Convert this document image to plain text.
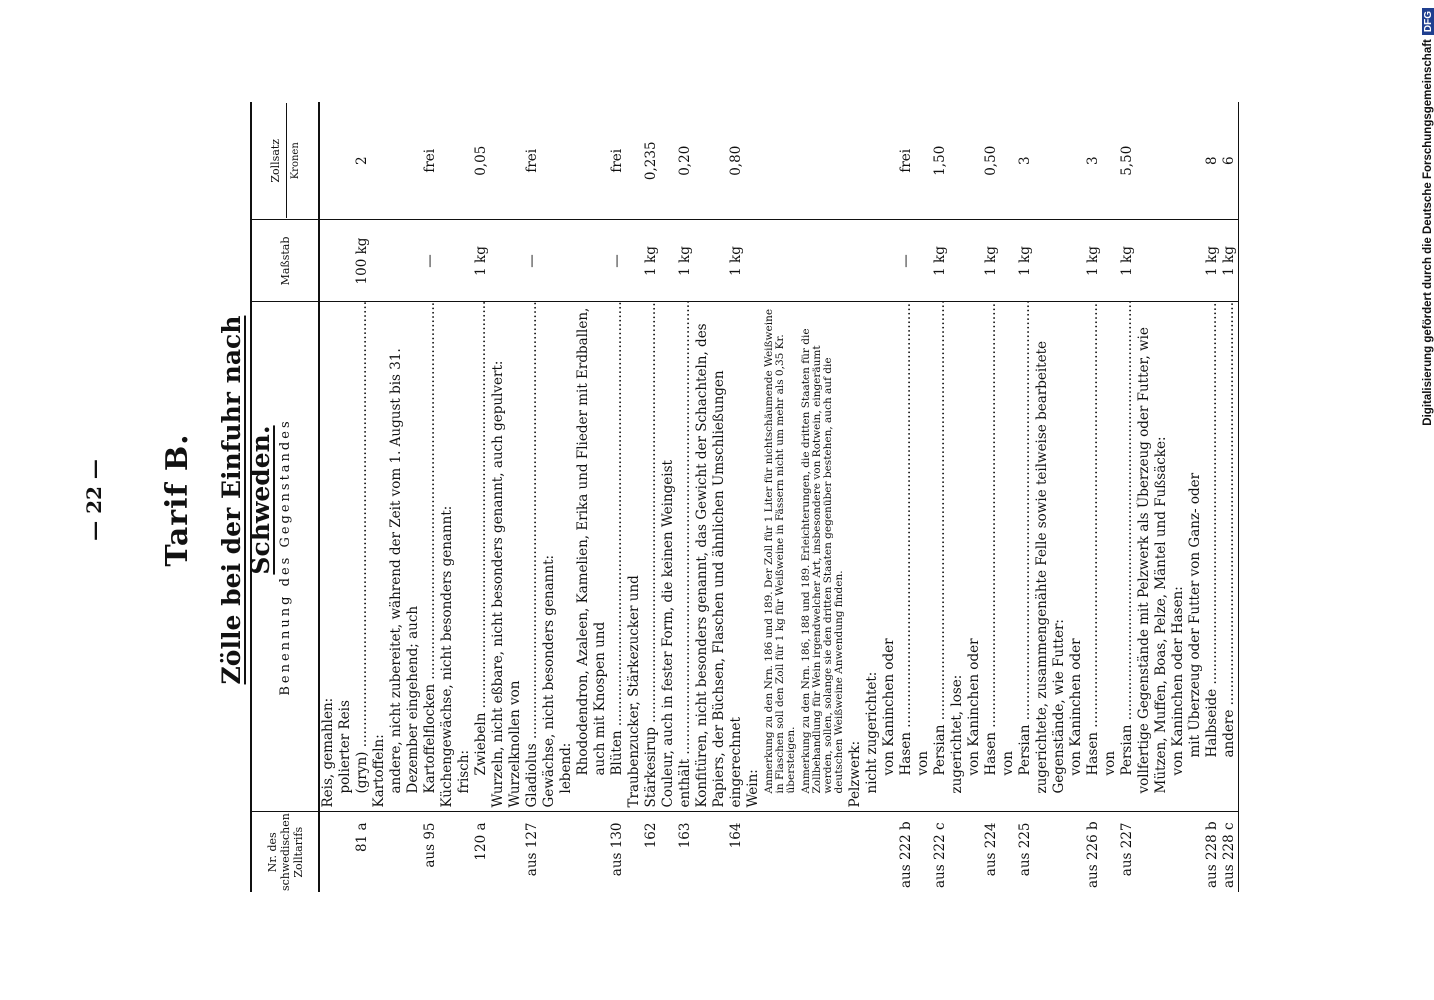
— 22 — Tarif B. Zölle bei der Einfuhr nach Schweden.
Nr. des schwedischen Zolltarifs	Benennung des Gegenstandes	Maßstab	Zollsatz Kronen

	Reis, gemahlen:		
81 a	polierter Reis (gryn) .....	100 kg	2
	Kartoffeln:		
aus 95	andere, nicht zubereitet, während der Zeit vom 1. August bis 31. Dezember eingehend; auch Kartoffelflocken .....	—	frei
	Küchengewächse, nicht besonders genannt:		
	frisch:		
120 a	Zwiebeln .....	1 kg	0,05
	Wurzeln, nicht eßbare, nicht besonders genannt, auch gepulvert:		
aus 127	Wurzelknollen von Gladiolus .....	—	frei
	Gewächse, nicht besonders genannt:		
	lebend:		
aus 130	Rhododendron, Azaleen, Kamelien, Erika und Flieder mit Erdballen, auch mit Knospen und Blüten .....	—	frei
162	Traubenzucker, Stärkezucker und Stärkesirup .....	1 kg	0,235
163	Couleur, auch in fester Form, die keinen Weingeist enthält .....	1 kg	0,20
164	Konfitüren, nicht besonders genannt, das Gewicht der Schachteln, des Papiers, der Büchsen, Flaschen und ähnlichen Umschließungen eingerechnet	1 kg	0,80
	Wein:		
	Anmerkung zu den Nrn. 186 und 189. Der Zoll für 1 Liter für nichtschäumende Weißweine in Flaschen soll den Zoll für 1 kg für Weißweine in Fässern nicht um mehr als 0,35 Kr. übersteigen.		
	Anmerkung zu den Nrn. 186, 188 und 189. Erleichterungen, die dritten Staaten für die Zollbehandlung für Wein irgendwelcher Art, insbesondere von Rotwein, eingeräumt werden, sollen, solange sie den dritten Staaten gegenüber bestehen, auch auf die deutschen Weißweine Anwendung finden.		
	Pelzwerk:		
	nicht zugerichtet:		
aus 222 b	von Kaninchen oder Hasen .....	—	frei
aus 222 c	von Persian .....	1 kg	1,50
	zugerichtet, lose:		
aus 224	von Kaninchen oder Hasen .....	1 kg	0,50
aus 225	von Persian .....	1 kg	3
	zugerichtete, zusammengenähte Felle sowie teilweise bearbeitete Gegenstände, wie Futter:		
aus 226 b	von Kaninchen oder Hasen .....	1 kg	3
aus 227	von Persian .....	1 kg	5,50
	vollfertige Gegenstände mit Pelzwerk als Überzeug oder Futter, wie Mützen, Muffen, Boas, Pelze, Mäntel und Fußsäcke:		
	von Kaninchen oder Hasen:		
aus 228 b	mit Überzeug oder Futter von Ganz- oder Halbseide .....	1 kg	8
aus 228 c	andere .....	1 kg	6	Digitalisierung gefördert durch die Deutsche ForschungsgemeinschaftDFG
